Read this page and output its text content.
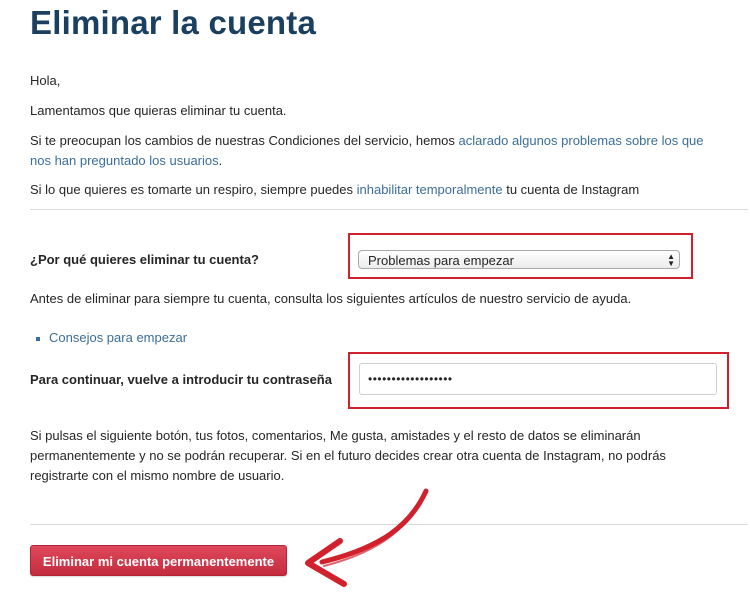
Eliminar la cuenta
Hola,
Lamentamos que quieras eliminar tu cuenta.
Si te preocupan los cambios de nuestras Condiciones del servicio, hemos aclarado algunos problemas sobre los que
nos han preguntado los usuarios.
Si lo que quieres es tomarte un respiro, siempre puedes inhabilitar temporalmente tu cuenta de Instagram
¿Por qué quieres eliminar tu cuenta?	Problemas para empezar	▲
▼
Antes de eliminar para siempre tu cuenta, consulta los siguientes artículos de nuestro servicio de ayuda.
Consejos para empezar
Para continuar, vuelve a introducir tu contraseña	••••••••••••••••••
Si pulsas el siguiente botón, tus fotos, comentarios, Me gusta, amistades y el resto de datos se eliminarán
permanentemente y no se podrán recuperar. Si en el futuro decides crear otra cuenta de Instagram, no podrás
registrarte con el mismo nombre de usuario.
Eliminar mi cuenta permanentemente
